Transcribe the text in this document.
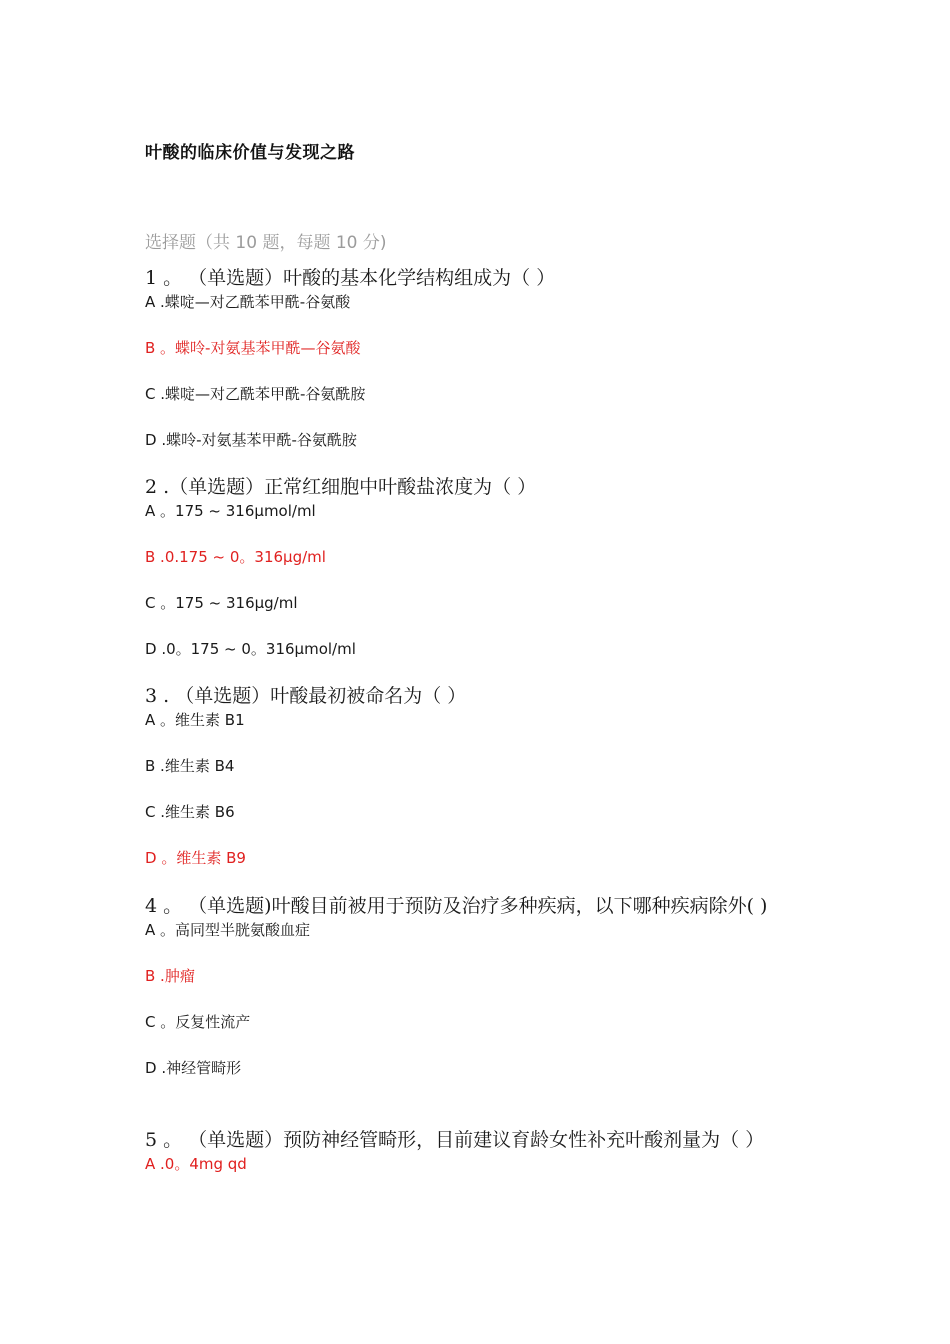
叶酸的临床价值与发现之路
选择题（共 10 题，每题 10 分)

1 。 （单选题）叶酸的基本化学结构组成为（ ）

A .蝶啶—对乙酰苯甲酰-谷氨酸

B 。蝶呤-对氨基苯甲酰—谷氨酸

C .蝶啶—对乙酰苯甲酰-谷氨酰胺

D .蝶呤-对氨基苯甲酰-谷氨酰胺

2 .（单选题）正常红细胞中叶酸盐浓度为（ ）

A 。175 ~ 316μmol/ml

B .0.175 ~ 0。316μg/ml

C 。175 ~ 316μg/ml

D .0。175 ~ 0。316μmol/ml

3 . （单选题）叶酸最初被命名为（ ）

A 。维生素 B1

B .维生素 B4

C .维生素 B6

D 。维生素 B9

4 。 （单选题)叶酸目前被用于预防及治疗多种疾病，以下哪种疾病除外( )

A 。高同型半胱氨酸血症

B .肿瘤

C 。反复性流产

D .神经管畸形

5 。 （单选题）预防神经管畸形，目前建议育龄女性补充叶酸剂量为（ ）

A .0。4mg qd
